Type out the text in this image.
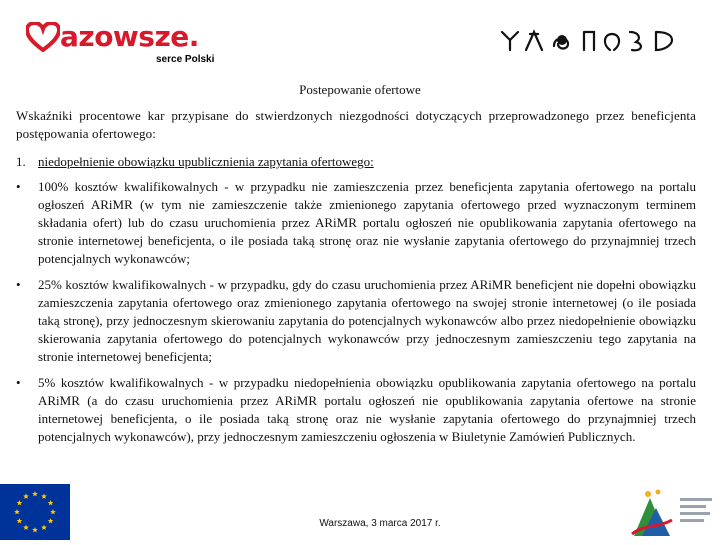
azowsze.
serce Polski
Postepowanie ofertowe
Wskaźniki procentowe kar przypisane do stwierdzonych niezgodności dotyczących przeprowadzonego przez beneficjenta postępowania ofertowego:
1. niedopełnienie obowiązku upublicznienia zapytania ofertowego:
• 100% kosztów kwalifikowalnych - w przypadku nie zamieszczenia przez beneficjenta zapytania ofertowego na portalu ogłoszeń ARiMR (w tym nie zamieszczenie także zmienionego zapytania ofertowego przed wyznaczonym terminem składania ofert) lub do czasu uruchomienia przez ARiMR portalu ogłoszeń nie opublikowania zapytania ofertowego na stronie internetowej beneficjenta, o ile posiada taką stronę oraz nie wysłanie zapytania ofertowego do przynajmniej trzech potencjalnych wykonawców;
• 25% kosztów kwalifikowalnych - w przypadku, gdy do czasu uruchomienia przez ARiMR beneficjent nie dopełni obowiązku zamieszczenia zapytania ofertowego oraz zmienionego zapytania ofertowego na swojej stronie internetowej (o ile posiada taką stronę), przy jednoczesnym skierowaniu zapytania do potencjalnych wykonawców albo przez niedopełnienie obowiązku skierowania zapytania ofertowego do potencjalnych wykonawców przy jednoczesnym zamieszczeniu tego zapytania na stronie internetowej beneficjenta;
• 5% kosztów kwalifikowalnych - w przypadku niedopełnienia obowiązku opublikowania zapytania ofertowego na portalu ARiMR (a do czasu uruchomienia przez ARiMR portalu ogłoszeń nie opublikowania zapytania ofertowe na stronie internetowej beneficjenta, o ile posiada taką stronę oraz nie wysłanie zapytania ofertowego do przynajmniej trzech potencjalnych wykonawców), przy jednoczesnym zamieszczeniu ogłoszenia w Biuletynie Zamówień Publicznych.
Warszawa, 3 marca 2017 r.
